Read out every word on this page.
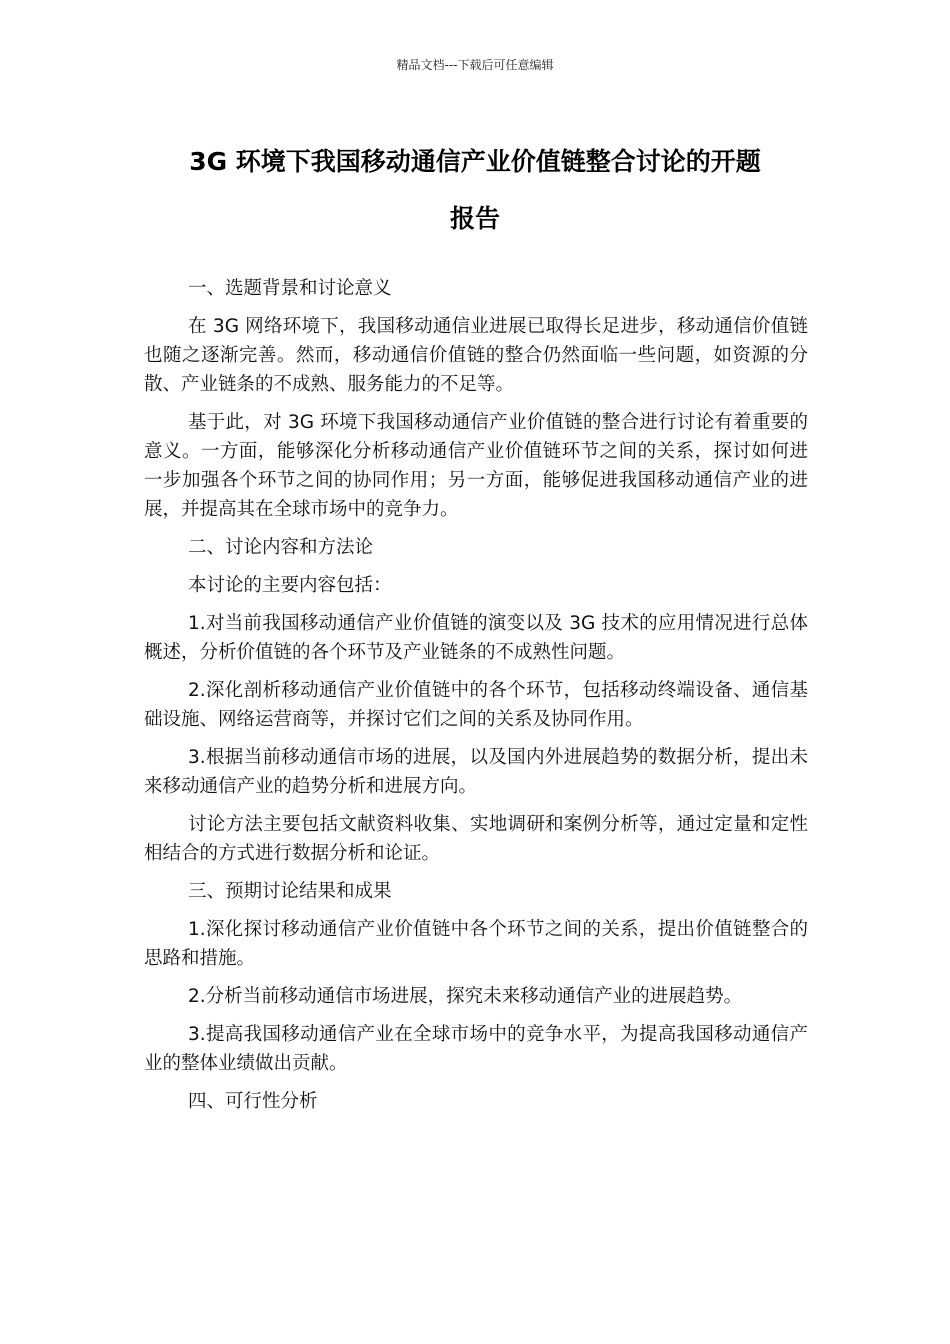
精品文档---下载后可任意编辑
3G 环境下我国移动通信产业价值链整合讨论的开题
报告

一、选题背景和讨论意义

在 3G 网络环境下，我国移动通信业进展已取得长足进步，移动通信价值链也随之逐渐完善。然而，移动通信价值链的整合仍然面临一些问题，如资源的分散、产业链条的不成熟、服务能力的不足等。

基于此，对 3G 环境下我国移动通信产业价值链的整合进行讨论有着重要的意义。一方面，能够深化分析移动通信产业价值链环节之间的关系，探讨如何进一步加强各个环节之间的协同作用；另一方面，能够促进我国移动通信产业的进展，并提高其在全球市场中的竞争力。

二、讨论内容和方法论

本讨论的主要内容包括：

1.对当前我国移动通信产业价值链的演变以及 3G 技术的应用情况进行总体概述，分析价值链的各个环节及产业链条的不成熟性问题。

2.深化剖析移动通信产业价值链中的各个环节，包括移动终端设备、通信基础设施、网络运营商等，并探讨它们之间的关系及协同作用。

3.根据当前移动通信市场的进展，以及国内外进展趋势的数据分析，提出未来移动通信产业的趋势分析和进展方向。

讨论方法主要包括文献资料收集、实地调研和案例分析等，通过定量和定性相结合的方式进行数据分析和论证。

三、预期讨论结果和成果

1.深化探讨移动通信产业价值链中各个环节之间的关系，提出价值链整合的思路和措施。

2.分析当前移动通信市场进展，探究未来移动通信产业的进展趋势。

3.提高我国移动通信产业在全球市场中的竞争水平，为提高我国移动通信产业的整体业绩做出贡献。

四、可行性分析
